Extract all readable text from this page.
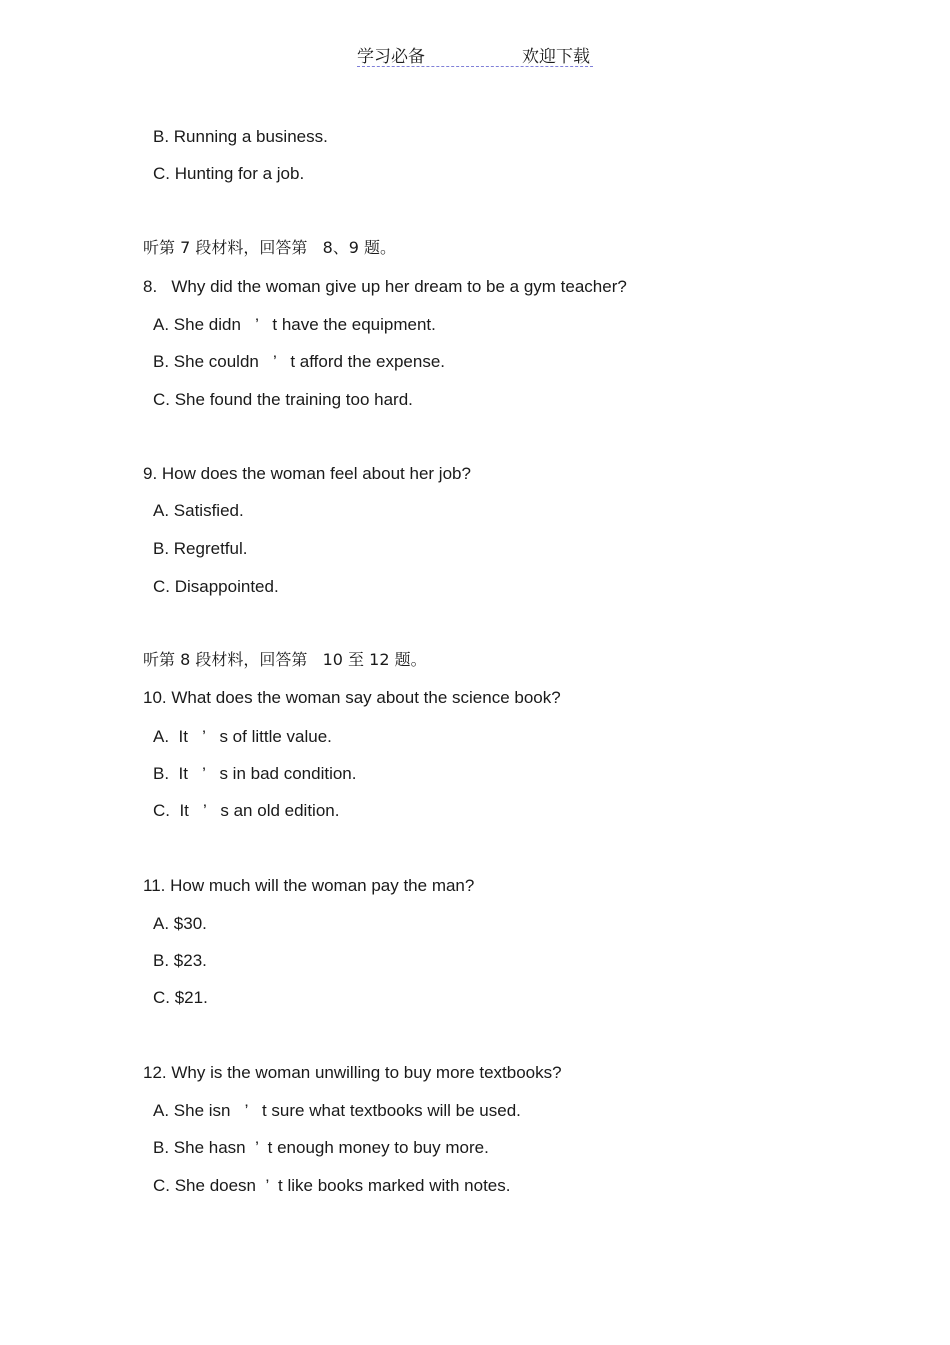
学习必备	欢迎下载
B. Running a business.
C. Hunting for a job.
听第 7 段材料，回答第   8、9 题。
8.   Why did the woman give up her dream to be a gym teacher?
A. She didn   ’   t have the equipment.
B. She couldn   ’   t afford the expense.
C. She found the training too hard.
9. How does the woman feel about her job?
A. Satisfied.
B. Regretful.
C. Disappointed.
听第 8 段材料，回答第   10 至 12 题。
10. What does the woman say about the science book?
A.  It   ’   s of little value.
B.  It   ’   s in bad condition.
C.  It   ’   s an old edition.
11. How much will the woman pay the man?
A. $30.
B. $23.
C. $21.
12. Why is the woman unwilling to buy more textbooks?
A. She isn   ’   t sure what textbooks will be used.
B. She hasn  ’  t enough money to buy more.
C. She doesn  ’  t like books marked with notes.
